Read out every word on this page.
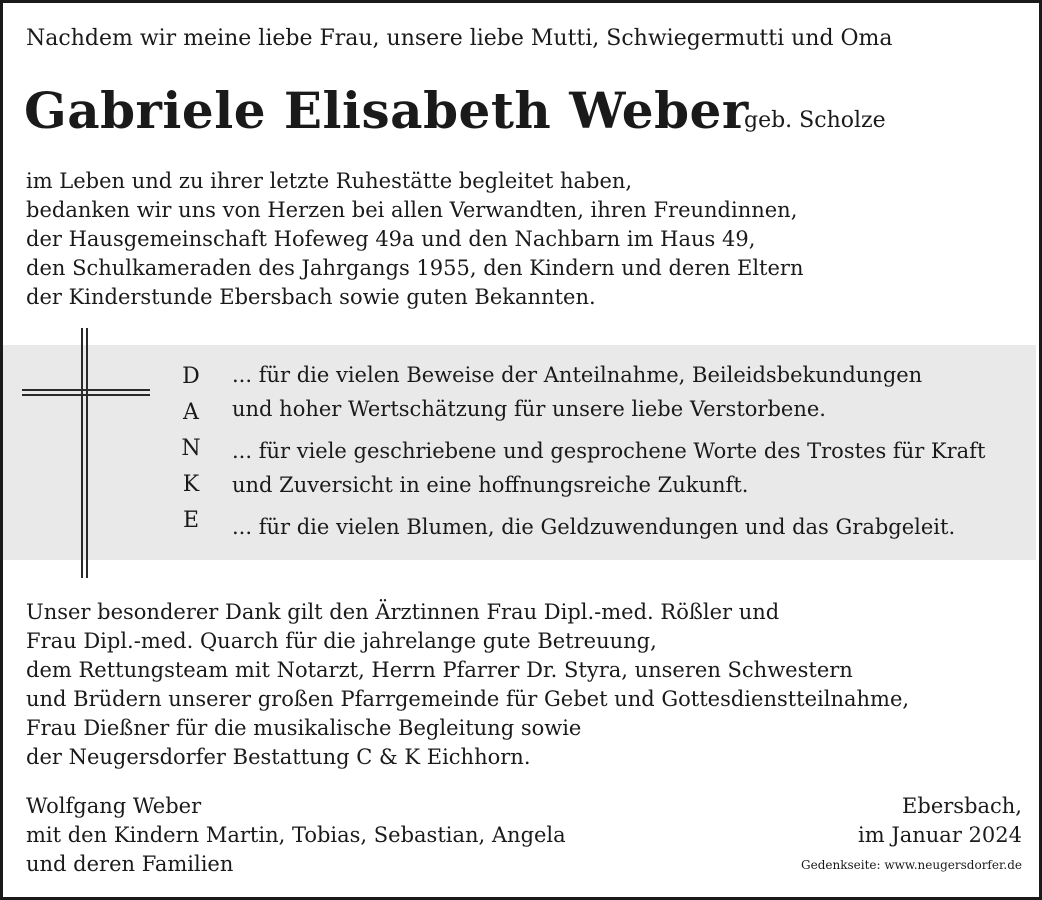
Nachdem wir meine liebe Frau, unsere liebe Mutti, Schwiegermutti und Oma
Gabriele Elisabeth Weber
geb. Scholze
im Leben und zu ihrer letzte Ruhestätte begleitet haben,
bedanken wir uns von Herzen bei allen Verwandten, ihren Freundinnen,
der Hausgemeinschaft Hofeweg 49a und den Nachbarn im Haus 49,
den Schulkameraden des Jahrgangs 1955, den Kindern und deren Eltern
der Kinderstunde Ebersbach sowie guten Bekannten.
D
A
N
K
E
... für die vielen Beweise der Anteilnahme, Beileidsbekundungen
und hoher Wertschätzung für unsere liebe Verstorbene.
... für viele geschriebene und gesprochene Worte des Trostes für Kraft
und Zuversicht in eine hoffnungsreiche Zukunft.
... für die vielen Blumen, die Geldzuwendungen und das Grabgeleit.
Unser besonderer Dank gilt den Ärztinnen Frau Dipl.-med. Rößler und
Frau Dipl.-med. Quarch für die jahrelange gute Betreuung,
dem Rettungsteam mit Notarzt, Herrn Pfarrer Dr. Styra, unseren Schwestern
und Brüdern unserer großen Pfarrgemeinde für Gebet und Gottesdienstteilnahme,
Frau Dießner für die musikalische Begleitung sowie
der Neugersdorfer Bestattung C & K Eichhorn.
Wolfgang Weber
mit den Kindern Martin, Tobias, Sebastian, Angela
und deren Familien
Ebersbach,
im Januar 2024
Gedenkseite: www.neugersdorfer.de
